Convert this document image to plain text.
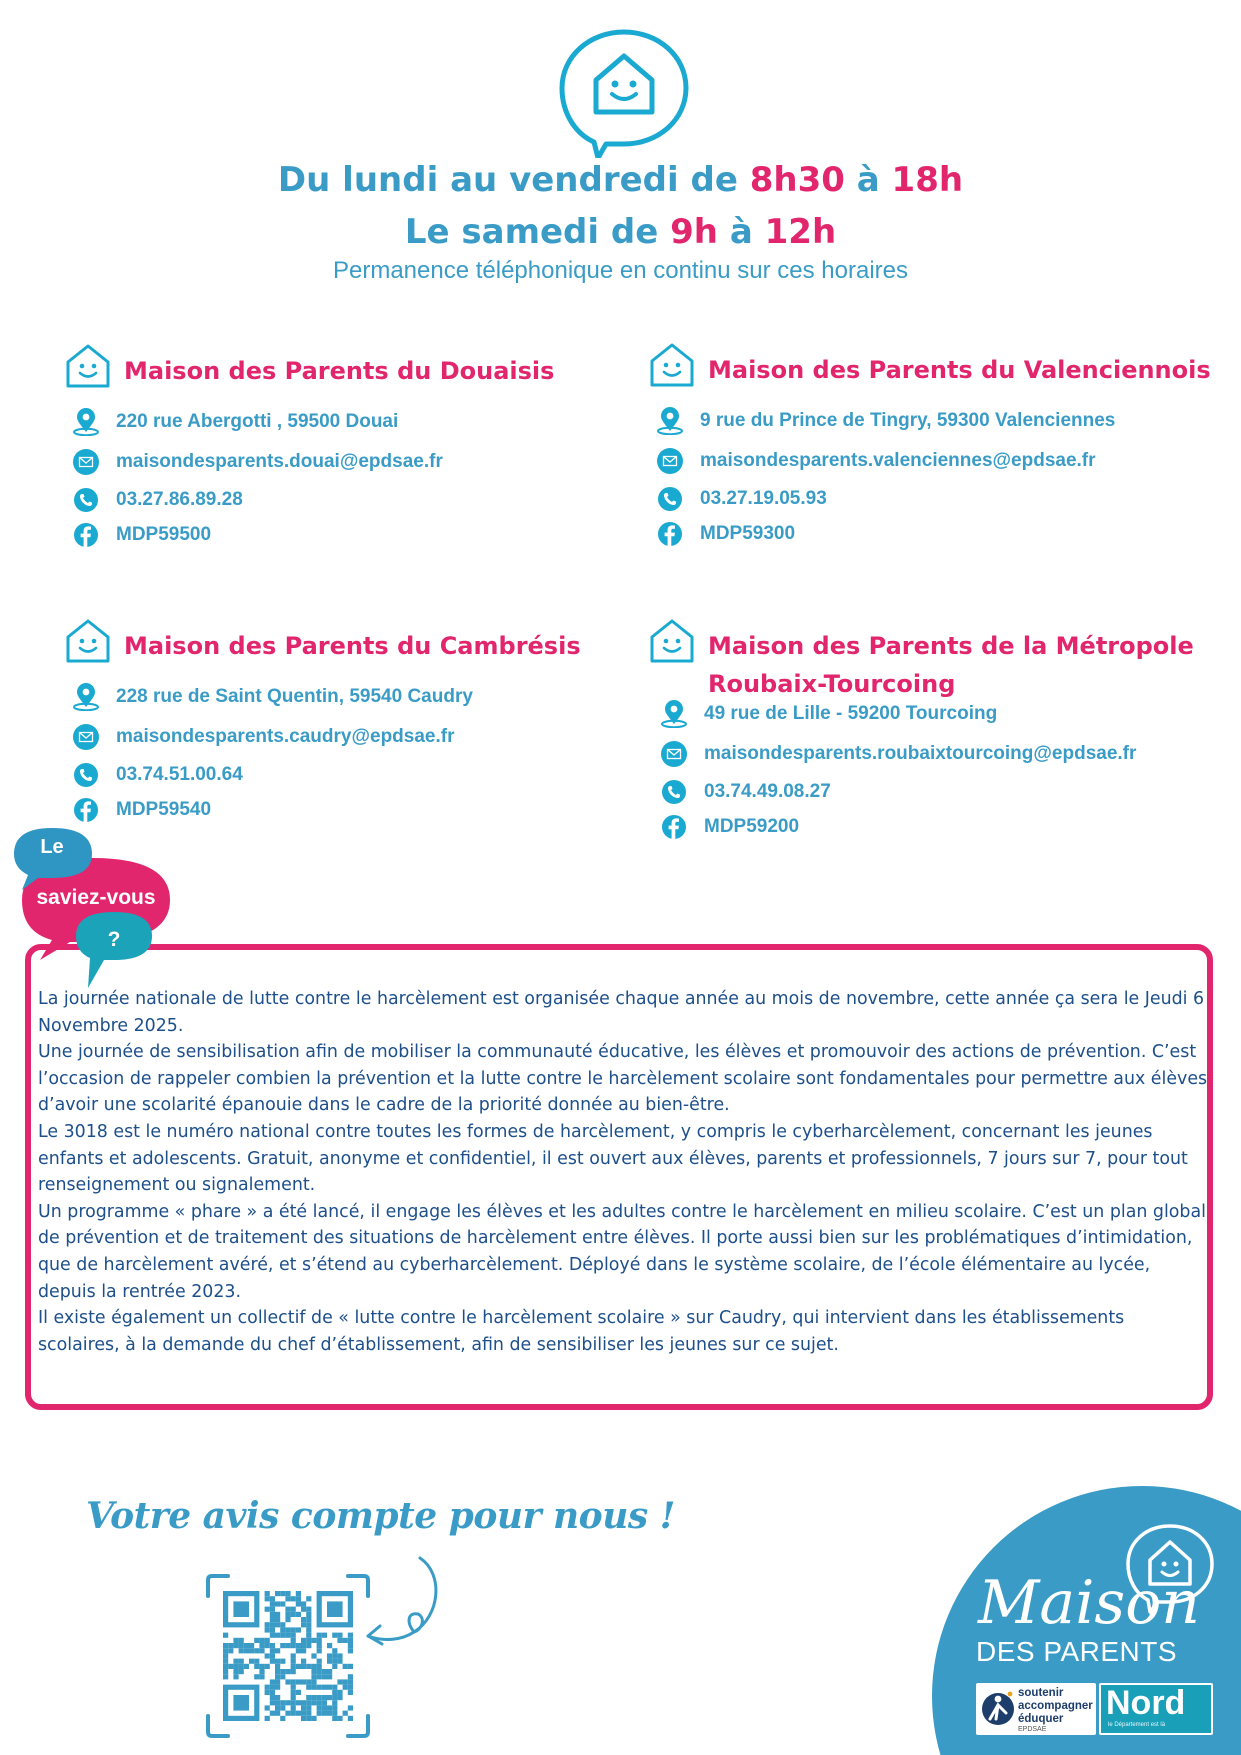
Du lundi au vendredi de 8h30 à 18h
Le samedi de 9h à 12h
Permanence téléphonique en continu sur ces horaires
Maison des Parents du Douaisis
220 rue Abergotti , 59500 Douai
maisondesparents.douai@epdsae.fr
03.27.86.89.28
MDP59500
Maison des Parents du Valenciennois
9 rue du Prince de Tingry, 59300 Valenciennes
maisondesparents.valenciennes@epdsae.fr
03.27.19.05.93
MDP59300
Maison des Parents du Cambrésis
228 rue de Saint Quentin, 59540 Caudry
maisondesparents.caudry@epdsae.fr
03.74.51.00.64
MDP59540
Maison des Parents de la Métropole
Roubaix-Tourcoing
49 rue de Lille - 59200 Tourcoing
maisondesparents.roubaixtourcoing@epdsae.fr
03.74.49.08.27
MDP59200
Le
saviez-vous
?

La journée nationale de lutte contre le harcèlement est organisée chaque année au mois de novembre, cette année ça sera le Jeudi 6 Novembre 2025.

Une journée de sensibilisation afin de mobiliser la communauté éducative, les élèves et promouvoir des actions de prévention. C’est l’occasion de rappeler combien la prévention et la lutte contre le harcèlement scolaire sont fondamentales pour permettre aux élèves d’avoir une scolarité épanouie dans le cadre de la priorité donnée au bien-être.

Le 3018 est le numéro national contre toutes les formes de harcèlement, y compris le cyberharcèlement, concernant les jeunes enfants et adolescents. Gratuit, anonyme et confidentiel, il est ouvert aux élèves, parents et professionnels, 7 jours sur 7, pour tout renseignement ou signalement.

Un programme « phare » a été lancé, il engage les élèves et les adultes contre le harcèlement en milieu scolaire. C’est un plan global de prévention et de traitement des situations de harcèlement entre élèves. Il porte aussi bien sur les problématiques d’intimidation, que de harcèlement avéré, et s’étend au cyberharcèlement. Déployé dans le système scolaire, de l’école élémentaire au lycée, depuis la rentrée 2023.

Il existe également un collectif de « lutte contre le harcèlement scolaire » sur Caudry, qui intervient dans les établissements scolaires, à la demande du chef d’établissement, afin de sensibiliser les jeunes sur ce sujet.

Votre avis compte pour nous !
Maison
DES PARENTS
soutenir
accompagner
éduquer
EPDSAE
Nord
le Département est là
